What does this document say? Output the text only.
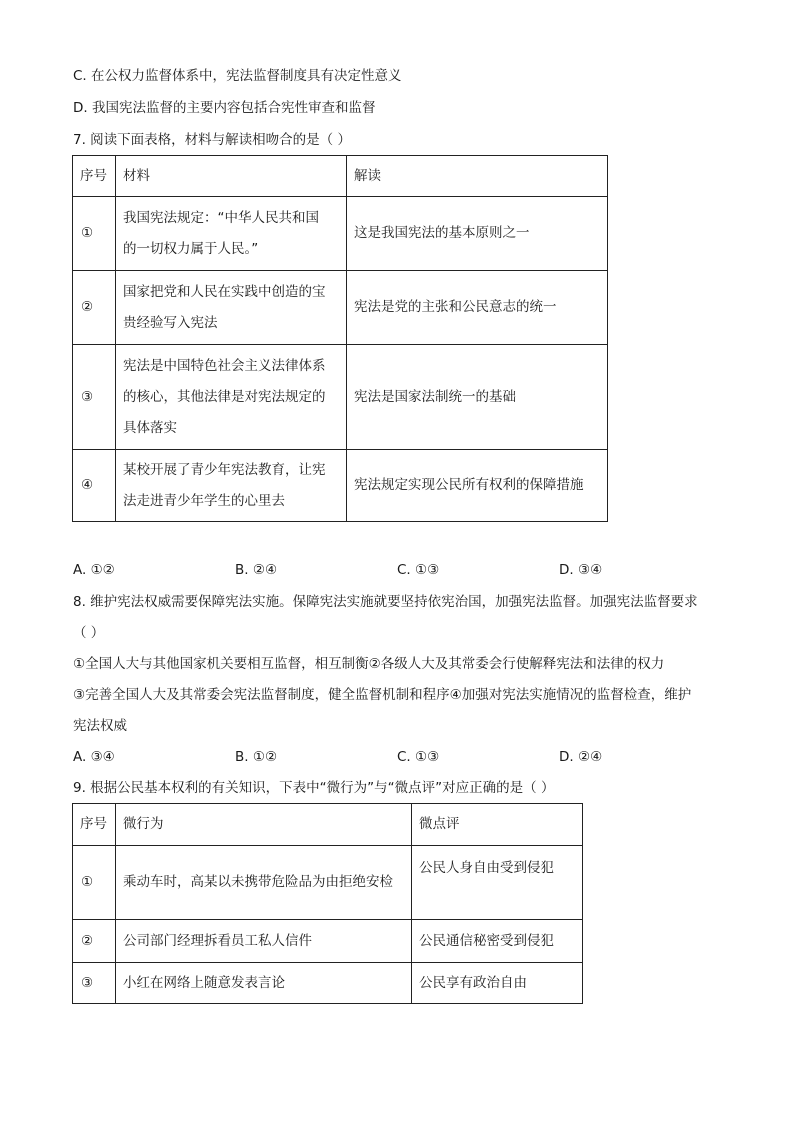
C. 在公权力监督体系中，宪法监督制度具有决定性意义
D. 我国宪法监督的主要内容包括合宪性审查和监督
7. 阅读下面表格，材料与解读相吻合的是（ ）
序号	材料	解读
①	我国宪法规定：“中华人民共和国
的一切权力属于人民。”	这是我国宪法的基本原则之一
②	国家把党和人民在实践中创造的宝
贵经验写入宪法	宪法是党的主张和公民意志的统一
③	宪法是中国特色社会主义法律体系
的核心，其他法律是对宪法规定的
具体落实	宪法是国家法制统一的基础
④	某校开展了青少年宪法教育，让宪
法走进青少年学生的心里去	宪法规定实现公民所有权利的保障措施
A. ①②	B. ②④	C. ①③	D. ③④
8. 维护宪法权威需要保障宪法实施。保障宪法实施就要坚持依宪治国，加强宪法监督。加强宪法监督要求
（ ）
①全国人大与其他国家机关要相互监督，相互制衡②各级人大及其常委会行使解释宪法和法律的权力
③完善全国人大及其常委会宪法监督制度，健全监督机制和程序④加强对宪法实施情况的监督检查，维护
宪法权威
A. ③④	B. ①②	C. ①③	D. ②④
9. 根据公民基本权利的有关知识，下表中“微行为”与“微点评”对应正确的是（ ）
序号	微行为	微点评
①	乘动车时，高某以未携带危险品为由拒绝安检	公民人身自由受到侵犯
②	公司部门经理拆看员工私人信件	公民通信秘密受到侵犯
③	小红在网络上随意发表言论	公民享有政治自由
